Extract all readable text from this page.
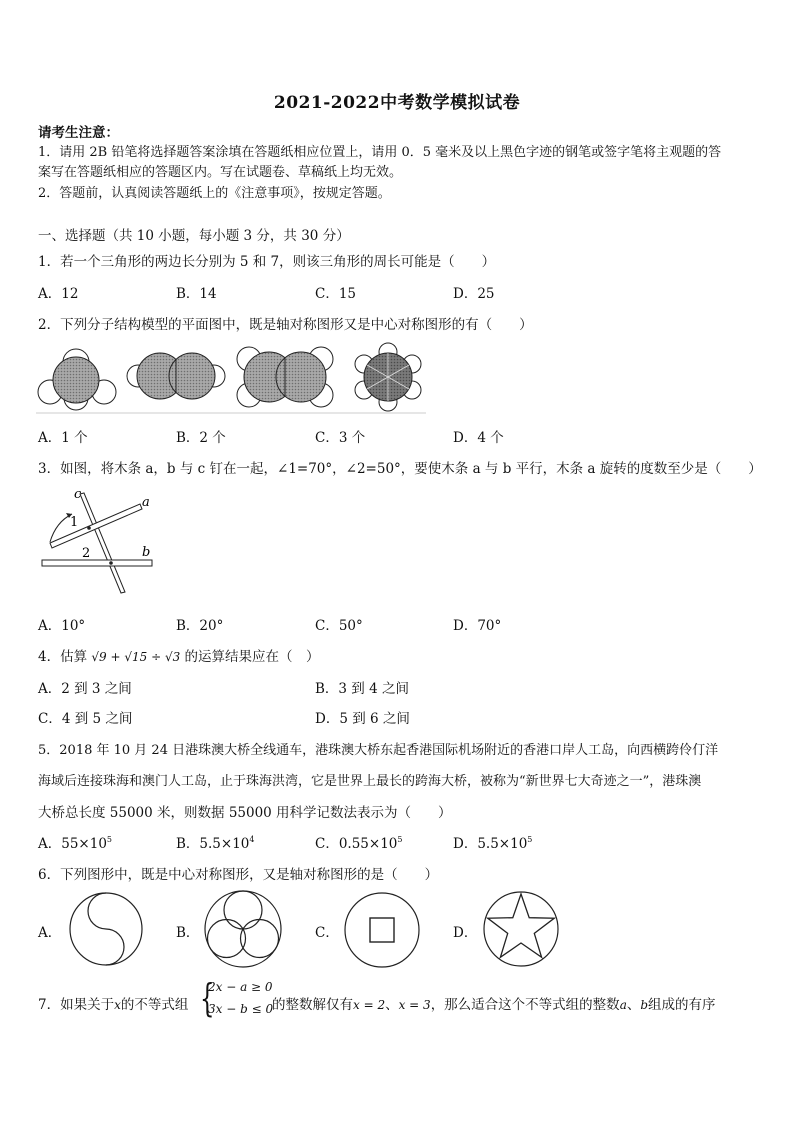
2021-2022中考数学模拟试卷
请考生注意：
1．请用 2B 铅笔将选择题答案涂填在答题纸相应位置上，请用 0．5 毫米及以上黑色字迹的钢笔或签字笔将主观题的答
案写在答题纸相应的答题区内。写在试题卷、草稿纸上均无效。
2．答题前，认真阅读答题纸上的《注意事项》，按规定答题。
一、选择题（共 10 小题，每小题 3 分，共 30 分）
1．若一个三角形的两边长分别为 5 和 7，则该三角形的周长可能是（　　）
A．12	B．14	C．15	D．25
2．下列分子结构模型的平面图中，既是轴对称图形又是中心对称图形的有（　　）
A．1 个	B．2 个	C．3 个	D．4 个
3．如图，将木条 a，b 与 c 钉在一起，∠1=70°，∠2=50°，要使木条 a 与 b 平行，木条 a 旋转的度数至少是（　　）
c
a
b
1
2
A．10°	B．20°	C．50°	D．70°
4．估算 √9 + √15 ÷ √3 的运算结果应在（　）
A．2 到 3 之间	B．3 到 4 之间
C．4 到 5 之间	D．5 到 6 之间
5．2018 年 10 月 24 日港珠澳大桥全线通车，港珠澳大桥东起香港国际机场附近的香港口岸人工岛，向西横跨伶仃洋
海域后连接珠海和澳门人工岛，止于珠海洪湾，它是世界上最长的跨海大桥，被称为“新世界七大奇迹之一”，港珠澳
大桥总长度 55000 米，则数据 55000 用科学记数法表示为（　　）
A．$55\times 10^5$	B．$5.5\times 10^4$	C．$0.55\times 10^5$	D．$5.5\times 10^5$
6．下列图形中，既是中心对称图形，又是轴对称图形的是（　　）
A．	B．	C．	D．
7．如果关于x的不等式组 {
2x − a ≥ 0
3x − b ≤ 0
的整数解仅有x = 2、x = 3，那么适合这个不等式组的整数a、b组成的有序
